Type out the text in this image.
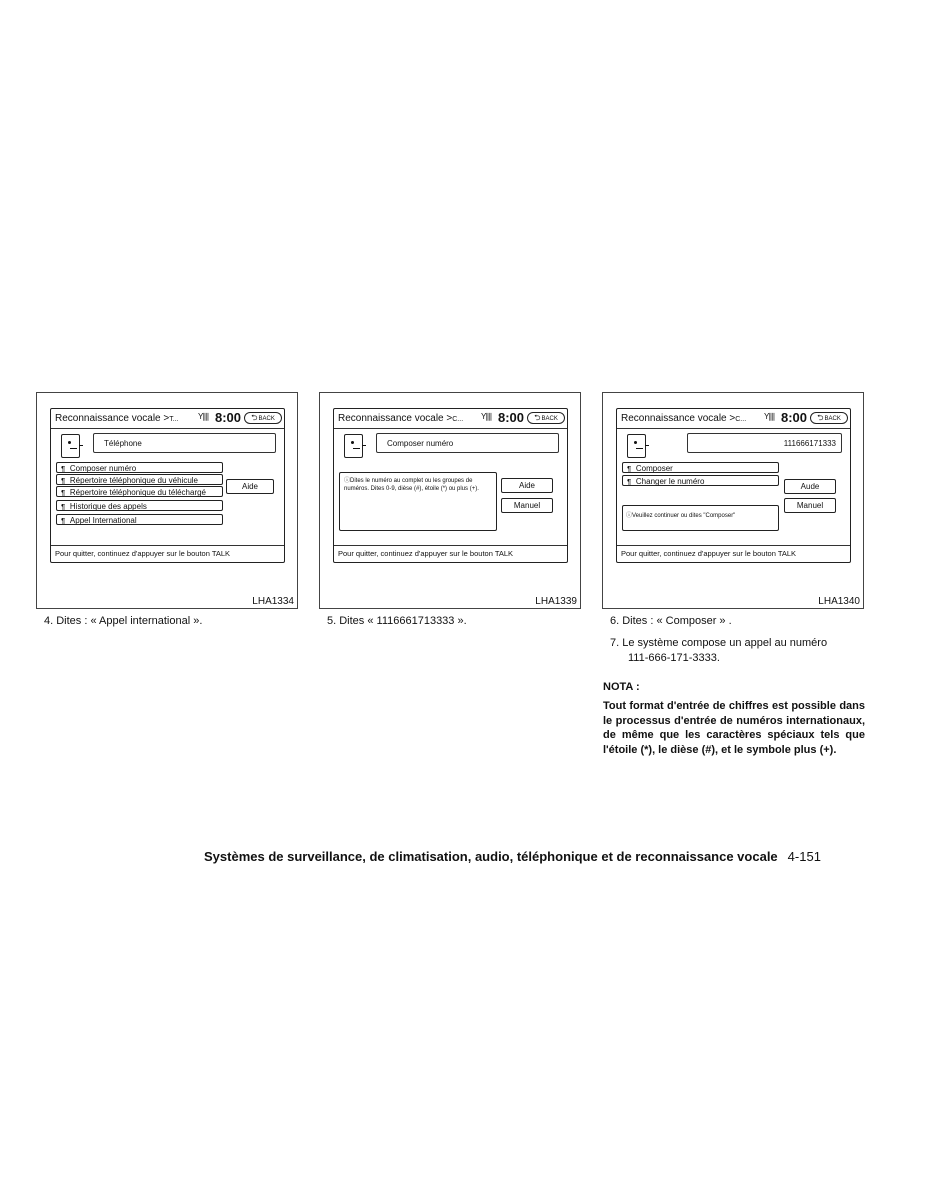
Reconnaissance vocale >T... Y∥∥ 8:00	⮌BACK
Téléphone
¶ Composer numéro
¶ Répertoire téléphonique du véhicule
¶ Répertoire téléphonique du téléchargé
¶ Historique des appels
¶ Appel International
Aide
Pour quitter, continuez d'appuyer sur le bouton TALK
LHA1334
4. Dites : « Appel international ».
Reconnaissance vocale >C... Y∥∥ 8:00	⮌BACK
Composer numéro
ⓘDites le numéro au complet ou les groupes de numéros. Dites 0-9, dièse (#), étoile (*) ou plus (+).	Aide
Manuel
Pour quitter, continuez d'appuyer sur le bouton TALK
LHA1339
5. Dites « 1116661713333 ».
Reconnaissance vocale >C... Y∥∥ 8:00	⮌BACK
111666171333
¶ Composer
¶ Changer le numéro
Aude
Manuel
ⓘVeuillez continuer ou dites "Composer"
Pour quitter, continuez d'appuyer sur le bouton TALK
LHA1340
6. Dites : « Composer » .
7. Le système compose un appel au numéro
111-666-171-3333.
NOTA :
Tout format d'entrée de chiffres est possible dans le processus d'entrée de numéros internationaux, de même que les caractères spéciaux tels que l'étoile (*), le dièse (#), et le symbole plus (+).
Systèmes de surveillance, de climatisation, audio, téléphonique et de reconnaissance vocale 4-151
